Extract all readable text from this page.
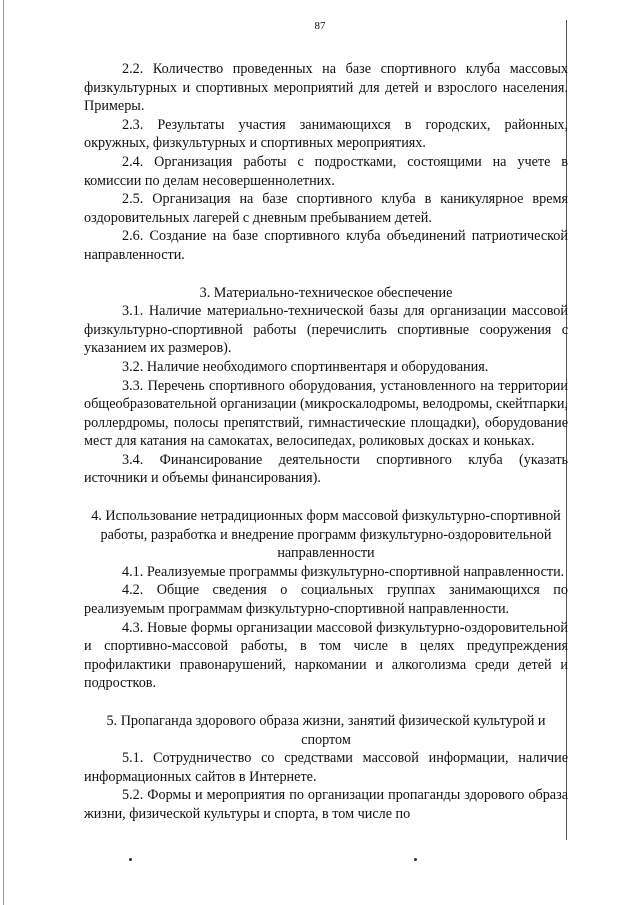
87

2.2. Количество проведенных на базе спортивного клуба массовых физкультурных и спортивных мероприятий для детей и взрослого населения. Примеры.

2.3. Результаты участия занимающихся в городских, районных, окружных, физкультурных и спортивных мероприятиях.

2.4. Организация работы с подростками, состоящими на учете в комиссии по делам несовершеннолетних.

2.5. Организация на базе спортивного клуба в каникулярное время оздоровительных лагерей с дневным пребыванием детей.

2.6. Создание на базе спортивного клуба объединений патриотической направленности.

3. Материально-техническое обеспечение

3.1. Наличие материально-технической базы для организации массовой физкультурно-спортивной работы (перечислить спортивные сооружения с указанием их размеров).

3.2. Наличие необходимого спортинвентаря и оборудования.

3.3. Перечень спортивного оборудования, установленного на территории общеобразовательной организации (микроскалодромы, велодромы, скейтпарки, роллердромы, полосы препятствий, гимнастические площадки), оборудование мест для катания на самокатах, велосипедах, роликовых досках и коньках.

3.4. Финансирование деятельности спортивного клуба (указать источники и объемы финансирования).

4. Использование нетрадиционных форм массовой физкультурно-спортивной работы, разработка и внедрение программ физкультурно-оздоровительной направленности

4.1. Реализуемые программы физкультурно-спортивной направленности.

4.2. Общие сведения о социальных группах занимающихся по реализуемым программам физкультурно-спортивной направленности.

4.3. Новые формы организации массовой физкультурно-оздоровительной и спортивно-массовой работы, в том числе в целях предупреждения профилактики правонарушений, наркомании и алкоголизма среди детей и подростков.

5. Пропаганда здорового образа жизни, занятий физической культурой и спортом

5.1. Сотрудничество со средствами массовой информации, наличие информационных сайтов в Интернете.

5.2. Формы и мероприятия по организации пропаганды здорового образа жизни, физической культуры и спорта, в том числе по
